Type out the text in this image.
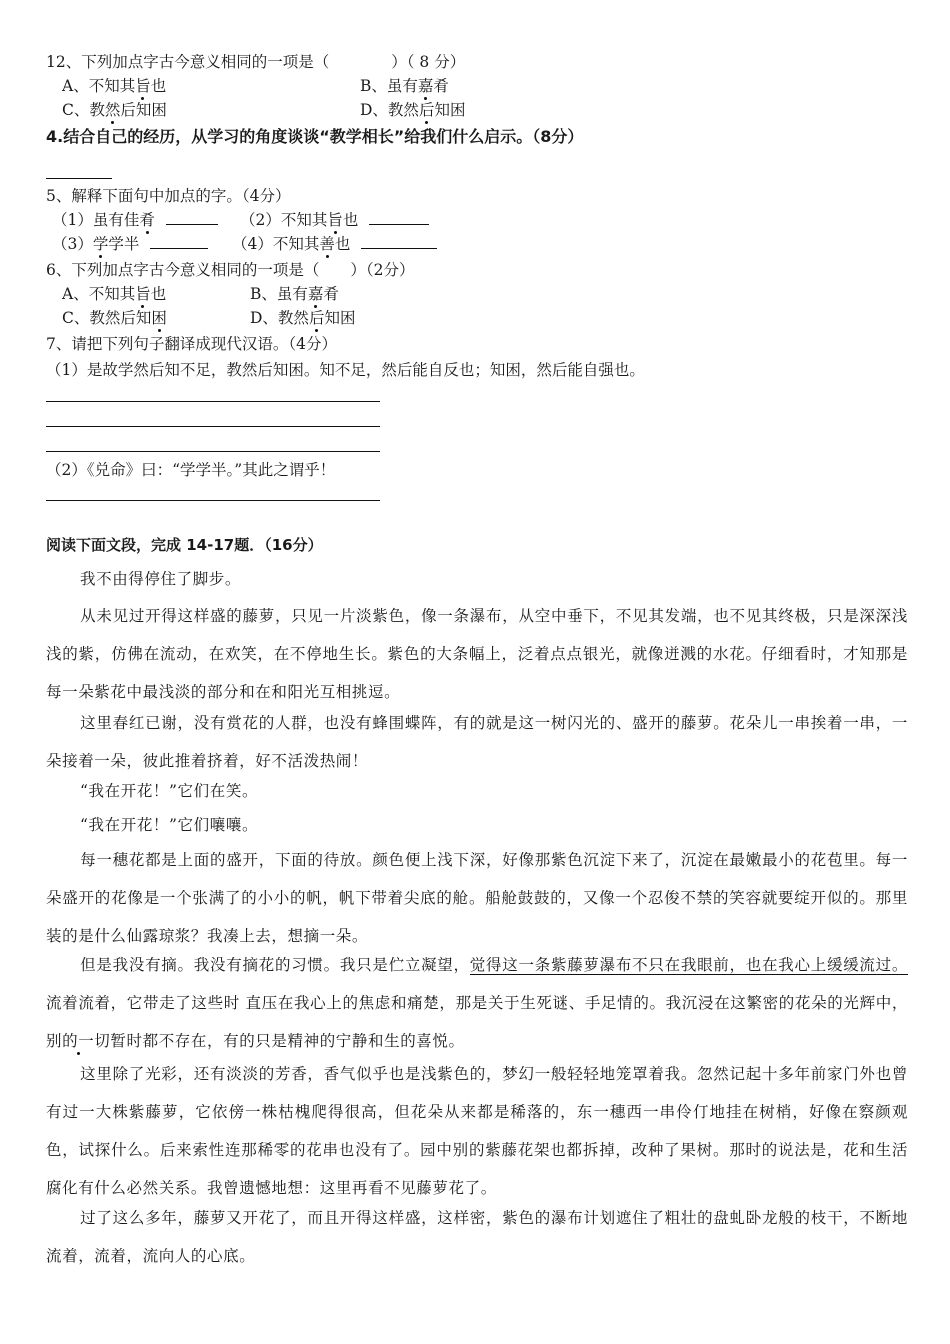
12、下列加点字古今意义相同的一项是（	）（ 8 分）
A、不知其旨也	B、虽有嘉肴
C、教然后知困	D、教然后知困
4.结合自己的经历，从学习的角度谈谈“教学相长”给我们什么启示。（8分）
5、解释下面句中加点的字。（4分）
（1）虽有佳肴	（2）不知其旨也
（3）学学半	（4）不知其善也
6、下列加点字古今意义相同的一项是（　　）（2分）
A、不知其旨也	B、虽有嘉肴
C、教然后知困	D、教然后知困
7、请把下列句子翻译成现代汉语。（4分）
（1）是故学然后知不足，教然后知困。知不足，然后能自反也；知困，然后能自强也。
（2）《兑命》曰：“学学半。”其此之谓乎！
阅读下面文段，完成 14-17题．（16分）
我不由得停住了脚步。
从未见过开得这样盛的藤萝，只见一片淡紫色，像一条瀑布，从空中垂下，不见其发端，也不见其终极，只是深深浅浅的紫，仿佛在流动，在欢笑，在不停地生长。紫色的大条幅上，泛着点点银光，就像迸溅的水花。仔细看时，才知那是每一朵紫花中最浅淡的部分和在和阳光互相挑逗。
这里春红已谢，没有赏花的人群，也没有蜂围蝶阵，有的就是这一树闪光的、盛开的藤萝。花朵儿一串挨着一串，一朵接着一朵，彼此推着挤着，好不活泼热闹！
“我在开花！”它们在笑。
“我在开花！”它们嚷嚷。
每一穗花都是上面的盛开，下面的待放。颜色便上浅下深，好像那紫色沉淀下来了，沉淀在最嫩最小的花苞里。每一朵盛开的花像是一个张满了的小小的帆，帆下带着尖底的舱。船舱鼓鼓的，又像一个忍俊不禁的笑容就要绽开似的。那里装的是什么仙露琼浆？我凑上去，想摘一朵。
但是我没有摘。我没有摘花的习惯。我只是伫立凝望，觉得这一条紫藤萝瀑布不只在我眼前，也在我心上缓缓流过。流着流着，它带走了这些时 直压在我心上的焦虑和痛楚，那是关于生死谜、手足情的。我沉浸在这繁密的花朵的光辉中，别的一切暂时都不存在，有的只是精神的宁静和生的喜悦。
这里除了光彩，还有淡淡的芳香，香气似乎也是浅紫色的，梦幻一般轻轻地笼罩着我。忽然记起十多年前家门外也曾有过一大株紫藤萝，它依傍一株枯槐爬得很高，但花朵从来都是稀落的，东一穗西一串伶仃地挂在树梢，好像在察颜观色，试探什么。后来索性连那稀零的花串也没有了。园中别的紫藤花架也都拆掉，改种了果树。那时的说法是，花和生活腐化有什么必然关系。我曾遗憾地想：这里再看不见藤萝花了。
过了这么多年，藤萝又开花了，而且开得这样盛，这样密，紫色的瀑布计划遮住了粗壮的盘虬卧龙般的枝干，不断地流着，流着，流向人的心底。
